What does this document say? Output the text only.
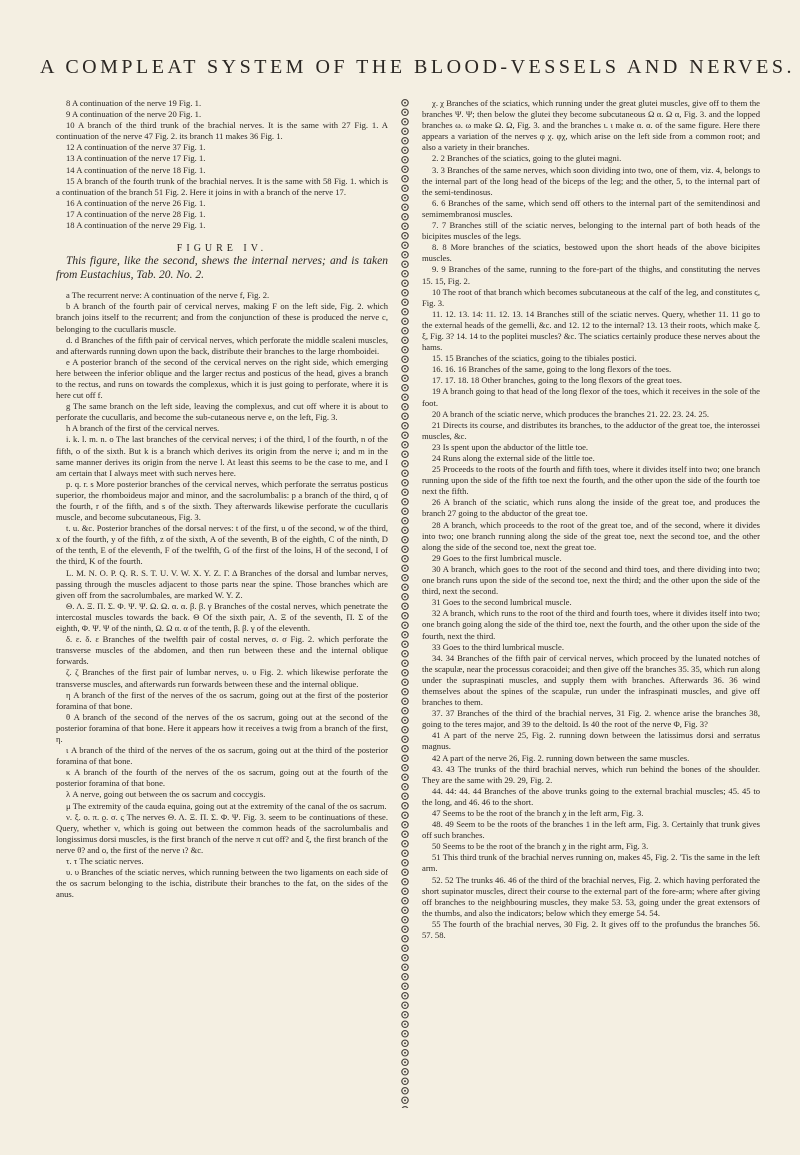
A COMPLEAT SYSTEM OF THE BLOOD-VESSELS AND NERVES.

8 A continuation of the nerve 19 Fig. 1.

9 A continuation of the nerve 20 Fig. 1.

10 A branch of the third trunk of the brachial nerves. It is the same with 27 Fig. 1. A continuation of the nerve 47 Fig. 2. its branch 11 makes 36 Fig. 1.

12 A continuation of the nerve 37 Fig. 1.

13 A continuation of the nerve 17 Fig. 1.

14 A continuation of the nerve 18 Fig. 1.

15 A branch of the fourth trunk of the brachial nerves. It is the same with 58 Fig. 1. which is a continuation of the branch 51 Fig. 2. Here it joins in with a branch of the nerve 17.

16 A continuation of the nerve 26 Fig. 1.

17 A continuation of the nerve 28 Fig. 1.

18 A continuation of the nerve 29 Fig. 1.

FIGURE IV.

This figure, like the second, shews the internal nerves; and is taken from Eustachius, Tab. 20. No. 2.

a The recurrent nerve: A continuation of the nerve f, Fig. 2.

b A branch of the fourth pair of cervical nerves, making F on the left side, Fig. 2. which branch joins itself to the recurrent; and from the conjunction of these is produced the nerve c, belonging to the cucullaris muscle.

d. d Branches of the fifth pair of cervical nerves, which perforate the middle scaleni muscles, and afterwards running down upon the back, distribute their branches to the large rhomboidei.

e A posterior branch of the second of the cervical nerves on the right side, which emerging here between the inferior oblique and the larger rectus and posticus of the head, gives a branch to the rectus, and runs on towards the complexus, which it is just going to perforate, where it is here cut off f.

g The same branch on the left side, leaving the complexus, and cut off where it is about to perforate the cucullaris, and become the sub-cutaneous nerve e, on the left, Fig. 3.

h A branch of the first of the cervical nerves.

i. k. l. m. n. o The last branches of the cervical nerves; i of the third, l of the fourth, n of the fifth, o of the sixth. But k is a branch which derives its origin from the nerve i; and m in the same manner derives its origin from the nerve l. At least this seems to be the case to me, and I am certain that I always meet with such nerves here.

p. q. r. s More posterior branches of the cervical nerves, which perforate the serratus posticus superior, the rhomboideus major and minor, and the sacrolumbalis: p a branch of the third, q of the fourth, r of the fifth, and s of the sixth. They afterwards likewise perforate the cucullaris muscle, and become subcutaneous, Fig. 3.

t. u. &c. Posterior branches of the dorsal nerves: t of the first, u of the second, w of the third, x of the fourth, y of the fifth, z of the sixth, A of the seventh, B of the eighth, C of the ninth, D of the tenth, E of the eleventh, F of the twelfth, G of the first of the loins, H of the second, I of the third, K of the fourth.

L. M. N. O. P. Q. R. S. T. U. V. W. X. Y. Z. Γ. Δ Branches of the dorsal and lumbar nerves, passing through the muscles adjacent to those parts near the spine. Those branches which are given off from the sacrolumbales, are marked W. Y. Z.

Θ. Λ. Ξ. Π. Σ. Φ. Ψ. Ψ. Ω. Ω. α. α. β. β. γ Branches of the costal nerves, which penetrate the intercostal muscles towards the back. Θ Of the sixth pair, Λ. Ξ of the seventh, Π. Σ of the eighth, Φ. Ψ. Ψ of the ninth, Ω. Ω α. α of the tenth, β. β. γ of the eleventh.

δ. ε. δ. ε Branches of the twelfth pair of costal nerves, σ. σ Fig. 2. which perforate the transverse muscles of the abdomen, and then run between these and the internal oblique forwards.

ζ. ζ Branches of the first pair of lumbar nerves, υ. υ Fig. 2. which likewise perforate the transverse muscles, and afterwards run forwards between these and the internal oblique.

η A branch of the first of the nerves of the os sacrum, going out at the first of the posterior foramina of that bone.

θ A branch of the second of the nerves of the os sacrum, going out at the second of the posterior foramina of that bone. Here it appears how it receives a twig from a branch of the first, η.

ι A branch of the third of the nerves of the os sacrum, going out at the third of the posterior foramina of that bone.

κ A branch of the fourth of the nerves of the os sacrum, going out at the fourth of the posterior foramina of that bone.

λ A nerve, going out between the os sacrum and coccygis.

μ The extremity of the cauda equina, going out at the extremity of the canal of the os sacrum.

ν. ξ. ο. π. ϱ. σ. ς The nerves Θ. Λ. Ξ. Π. Σ. Φ. Ψ. Fig. 3. seem to be continuations of these. Query, whether ν, which is going out between the common heads of the sacrolumbalis and longissimus dorsi muscles, is the first branch of the nerve π cut off? and ξ, the first branch of the nerve θ? and ο, the first of the nerve ι? &c.

τ. τ The sciatic nerves.

υ. υ Branches of the sciatic nerves, which running between the two ligaments on each side of the os sacrum belonging to the ischia, distribute their branches to the fat, on the sides of the anus.

χ. χ Branches of the sciatics, which running under the great glutei muscles, give off to them the branches Ψ. Ψ; then below the glutei they become subcutaneous Ω α. Ω α, Fig. 3. and the lopped branches ω. ω make Ω. Ω, Fig. 3. and the branches ι. ι make α. α. of the same figure. Here there appears a variation of the nerves φ χ. φχ, which arise on the left side from a common root; and also a variety in their branches.

2. 2 Branches of the sciatics, going to the glutei magni.

3. 3 Branches of the same nerves, which soon dividing into two, one of them, viz. 4, belongs to the internal part of the long head of the biceps of the leg; and the other, 5, to the internal part of the semi-tendinosus.

6. 6 Branches of the same, which send off others to the internal part of the semitendinosi and semimembranosi muscles.

7. 7 Branches still of the sciatic nerves, belonging to the internal part of both heads of the bicipites muscles of the legs.

8. 8 More branches of the sciatics, bestowed upon the short heads of the above bicipites muscles.

9. 9 Branches of the same, running to the fore-part of the thighs, and constituting the nerves 15. 15, Fig. 2.

10 The root of that branch which becomes subcutaneous at the calf of the leg, and constitutes ϛ, Fig. 3.

11. 12. 13. 14: 11. 12. 13. 14 Branches still of the sciatic nerves. Query, whether 11. 11 go to the external heads of the gemelli, &c. and 12. 12 to the internal? 13. 13 their roots, which make ξ. ξ, Fig. 3? 14. 14 to the poplitei muscles? &c. The sciatics certainly produce these nerves about the hams.

15. 15 Branches of the sciatics, going to the tibiales postici.

16. 16. 16 Branches of the same, going to the long flexors of the toes.

17. 17. 18. 18 Other branches, going to the long flexors of the great toes.

19 A branch going to that head of the long flexor of the toes, which it receives in the sole of the foot.

20 A branch of the sciatic nerve, which produces the branches 21. 22. 23. 24. 25.

21 Directs its course, and distributes its branches, to the adductor of the great toe, the interossei muscles, &c.

23 Is spent upon the abductor of the little toe.

24 Runs along the external side of the little toe.

25 Proceeds to the roots of the fourth and fifth toes, where it divides itself into two; one branch running upon the side of the fifth toe next the fourth, and the other upon the side of the fourth toe next the fifth.

26 A branch of the sciatic, which runs along the inside of the great toe, and produces the branch 27 going to the abductor of the great toe.

28 A branch, which proceeds to the root of the great toe, and of the second, where it divides into two; one branch running along the side of the great toe, next the second toe, and the other along the side of the second toe, next the great toe.

29 Goes to the first lumbrical muscle.

30 A branch, which goes to the root of the second and third toes, and there dividing into two; one branch runs upon the side of the second toe, next the third; and the other upon the side of the third, next the second.

31 Goes to the second lumbrical muscle.

32 A branch, which runs to the root of the third and fourth toes, where it divides itself into two; one branch going along the side of the third toe, next the fourth, and the other upon the side of the fourth, next the third.

33 Goes to the third lumbrical muscle.

34. 34 Branches of the fifth pair of cervical nerves, which proceed by the lunated notches of the scapulæ, near the processus coracoidei; and then give off the branches 35. 35, which run along under the supraspinati muscles, and supply them with branches. Afterwards 36. 36 wind themselves about the spines of the scapulæ, run under the infraspinati muscles, and give off branches to them.

37. 37 Branches of the third of the brachial nerves, 31 Fig. 2. whence arise the branches 38, going to the teres major, and 39 to the deltoid. Is 40 the root of the nerve Φ, Fig. 3?

41 A part of the nerve 25, Fig. 2. running down between the latissimus dorsi and serratus magnus.

42 A part of the nerve 26, Fig. 2. running down between the same muscles.

43. 43 The trunks of the third brachial nerves, which run behind the bones of the shoulder. They are the same with 29. 29, Fig. 2.

44. 44: 44. 44 Branches of the above trunks going to the external brachial muscles; 45. 45 to the long, and 46. 46 to the short.

47 Seems to be the root of the branch χ in the left arm, Fig. 3.

48. 49 Seem to be the roots of the branches 1 in the left arm, Fig. 3. Certainly that trunk gives off such branches.

50 Seems to be the root of the branch χ in the right arm, Fig. 3.

51 This third trunk of the brachial nerves running on, makes 45, Fig. 2. 'Tis the same in the left arm.

52. 52 The trunks 46. 46 of the third of the brachial nerves, Fig. 2. which having perforated the short supinator muscles, direct their course to the external part of the fore-arm; where after giving off branches to the neighbouring muscles, they make 53. 53, going under the great extensors of the thumbs, and also the indicators; below which they emerge 54. 54.

55 The fourth of the brachial nerves, 30 Fig. 2. It gives off to the profundus the branches 56. 57. 58.
